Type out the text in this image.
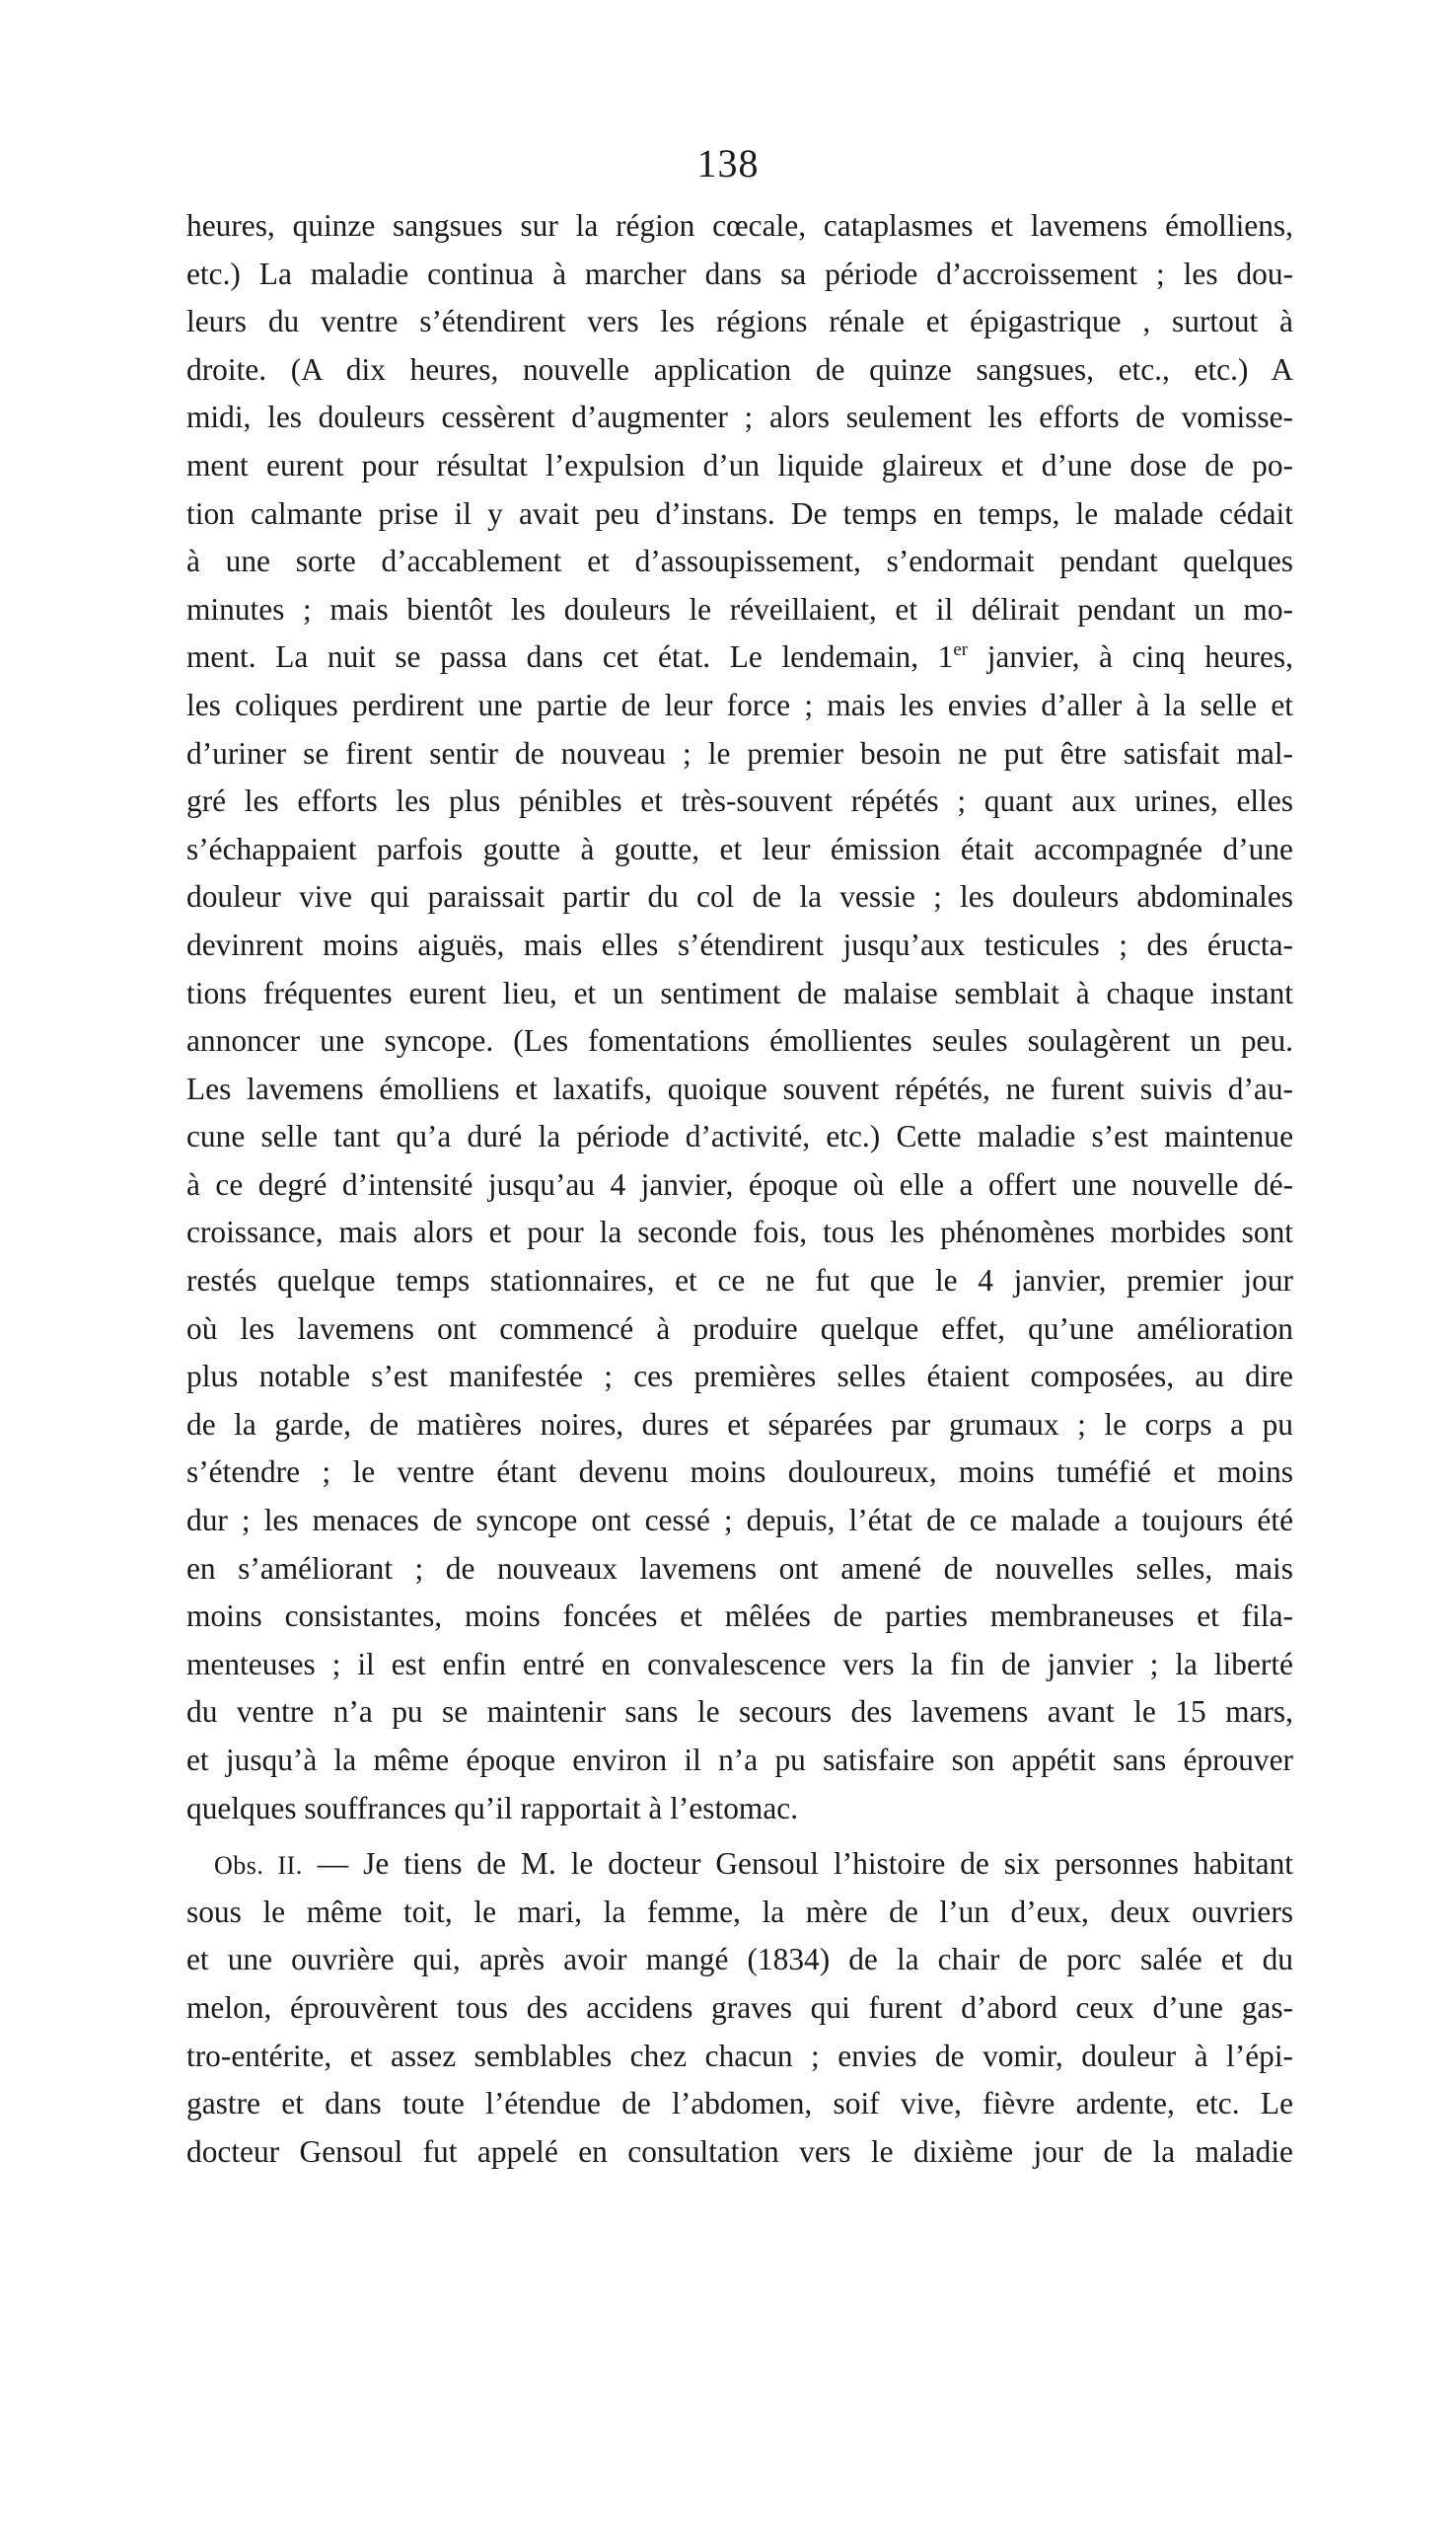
138
heures, quinze sangsues sur la région cœcale, cataplasmes et lavemens émolliens,
etc.) La maladie continua à marcher dans sa période d’accroissement ; les dou-
leurs du ventre s’étendirent vers les régions rénale et épigastrique , surtout à
droite. (A dix heures, nouvelle application de quinze sangsues, etc., etc.) A
midi, les douleurs cessèrent d’augmenter ; alors seulement les efforts de vomisse-
ment eurent pour résultat l’expulsion d’un liquide glaireux et d’une dose de po-
tion calmante prise il y avait peu d’instans. De temps en temps, le malade cédait
à une sorte d’accablement et d’assoupissement, s’endormait pendant quelques
minutes ; mais bientôt les douleurs le réveillaient, et il délirait pendant un mo-
ment. La nuit se passa dans cet état. Le lendemain, 1er janvier, à cinq heures,
les coliques perdirent une partie de leur force ; mais les envies d’aller à la selle et
d’uriner se firent sentir de nouveau ; le premier besoin ne put être satisfait mal-
gré les efforts les plus pénibles et très-souvent répétés ; quant aux urines, elles
s’échappaient parfois goutte à goutte, et leur émission était accompagnée d’une
douleur vive qui paraissait partir du col de la vessie ; les douleurs abdominales
devinrent moins aiguës, mais elles s’étendirent jusqu’aux testicules ; des éructa-
tions fréquentes eurent lieu, et un sentiment de malaise semblait à chaque instant
annoncer une syncope. (Les fomentations émollientes seules soulagèrent un peu.
Les lavemens émolliens et laxatifs, quoique souvent répétés, ne furent suivis d’au-
cune selle tant qu’a duré la période d’activité, etc.) Cette maladie s’est maintenue
à ce degré d’intensité jusqu’au 4 janvier, époque où elle a offert une nouvelle dé-
croissance, mais alors et pour la seconde fois, tous les phénomènes morbides sont
restés quelque temps stationnaires, et ce ne fut que le 4 janvier, premier jour
où les lavemens ont commencé à produire quelque effet, qu’une amélioration
plus notable s’est manifestée ; ces premières selles étaient composées, au dire
de la garde, de matières noires, dures et séparées par grumaux ; le corps a pu
s’étendre ; le ventre étant devenu moins douloureux, moins tuméfié et moins
dur ; les menaces de syncope ont cessé ; depuis, l’état de ce malade a toujours été
en s’améliorant ; de nouveaux lavemens ont amené de nouvelles selles, mais
moins consistantes, moins foncées et mêlées de parties membraneuses et fila-
menteuses ; il est enfin entré en convalescence vers la fin de janvier ; la liberté
du ventre n’a pu se maintenir sans le secours des lavemens avant le 15 mars,
et jusqu’à la même époque environ il n’a pu satisfaire son appétit sans éprouver
quelques souffrances qu’il rapportait à l’estomac.
Obs. II. — Je tiens de M. le docteur Gensoul l’histoire de six personnes habitant
sous le même toit, le mari, la femme, la mère de l’un d’eux, deux ouvriers
et une ouvrière qui, après avoir mangé (1834) de la chair de porc salée et du
melon, éprouvèrent tous des accidens graves qui furent d’abord ceux d’une gas-
tro-entérite, et assez semblables chez chacun ; envies de vomir, douleur à l’épi-
gastre et dans toute l’étendue de l’abdomen, soif vive, fièvre ardente, etc. Le
docteur Gensoul fut appelé en consultation vers le dixième jour de la maladie
